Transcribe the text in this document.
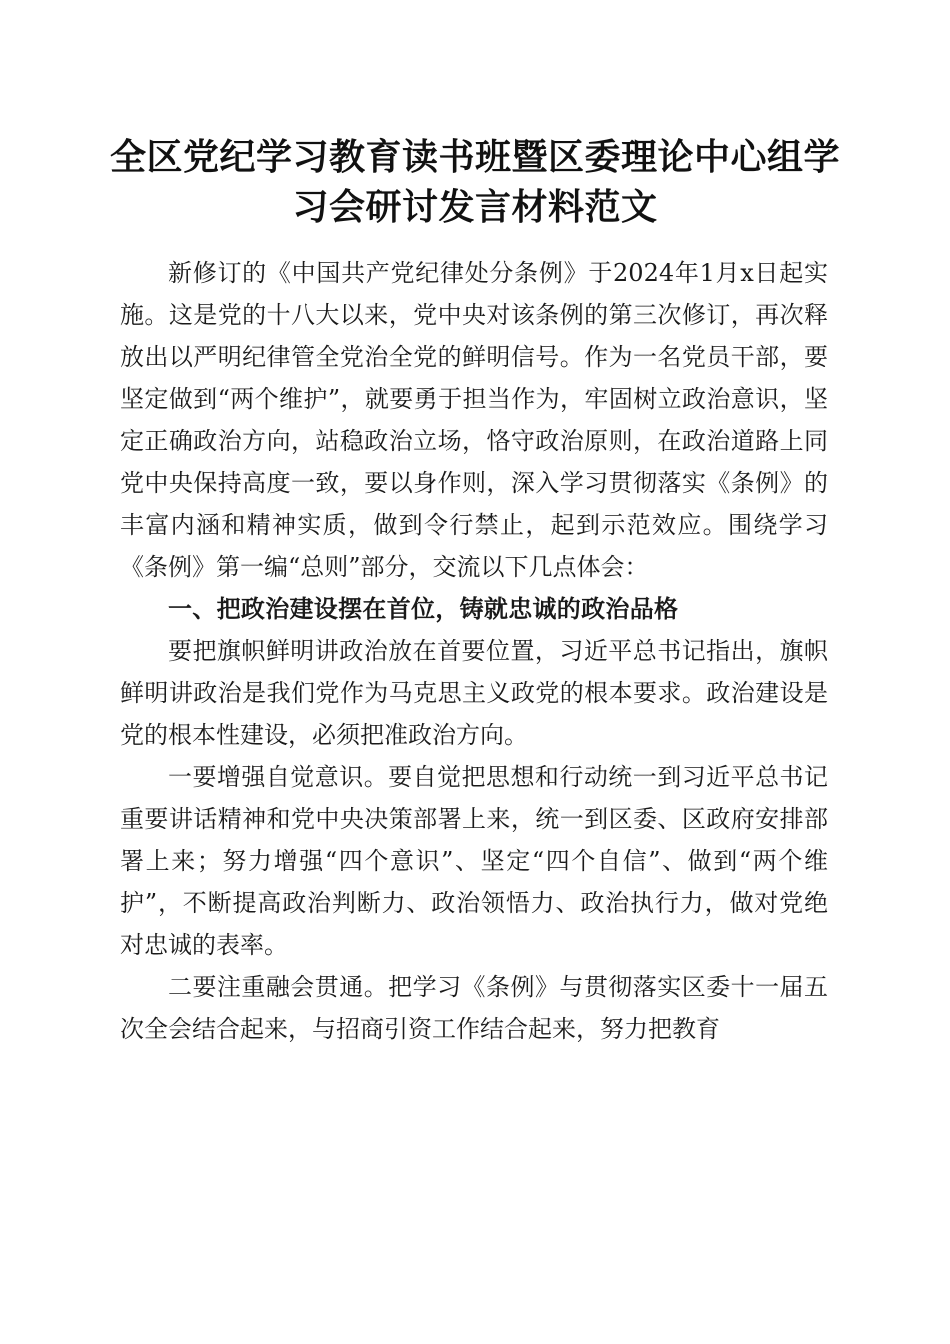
全区党纪学习教育读书班暨区委理论中心组学习会研讨发言材料范文

新修订的《中国共产党纪律处分条例》于2024年1月x日起实施。这是党的十八大以来，党中央对该条例的第三次修订，再次释放出以严明纪律管全党治全党的鲜明信号。作为一名党员干部，要坚定做到“两个维护”，就要勇于担当作为，牢固树立政治意识，坚定正确政治方向，站稳政治立场，恪守政治原则，在政治道路上同党中央保持高度一致，要以身作则，深入学习贯彻落实《条例》的丰富内涵和精神实质，做到令行禁止，起到示范效应。围绕学习《条例》第一编“总则”部分，交流以下几点体会：

一、把政治建设摆在首位，铸就忠诚的政治品格

要把旗帜鲜明讲政治放在首要位置，习近平总书记指出，旗帜鲜明讲政治是我们党作为马克思主义政党的根本要求。政治建设是党的根本性建设，必须把准政治方向。

一要增强自觉意识。要自觉把思想和行动统一到习近平总书记重要讲话精神和党中央决策部署上来，统一到区委、区政府安排部署上来；努力增强“四个意识”、坚定“四个自信”、做到“两个维护”，不断提高政治判断力、政治领悟力、政治执行力，做对党绝对忠诚的表率。

二要注重融会贯通。把学习《条例》与贯彻落实区委十一届五次全会结合起来，与招商引资工作结合起来，努力把教育
